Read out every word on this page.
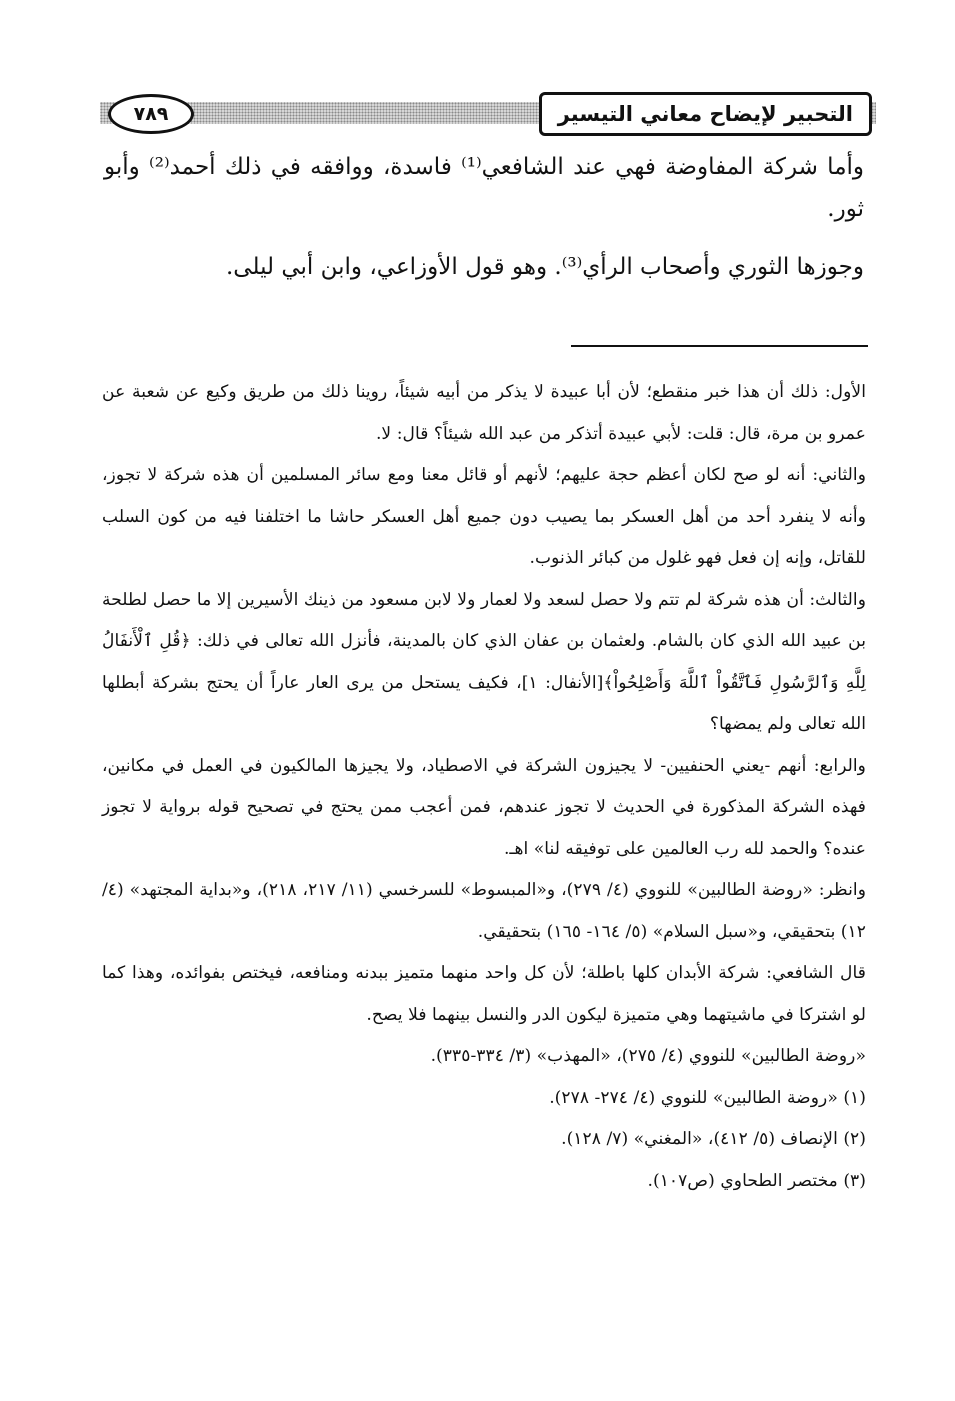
التحبير لإيضاح معاني التيسير
٧٨٩

وأما شركة المفاوضة فهي عند الشافعي⁽¹⁾ فاسدة، ووافقه في ذلك أحمد⁽²⁾ وأبو ثور.

وجوزها الثوري وأصحاب الرأي⁽³⁾. وهو قول الأوزاعي، وابن أبي ليلى.

الأول: ذلك أن هذا خبر منقطع؛ لأن أبا عبيدة لا يذكر من أبيه شيئاً، روينا ذلك من طريق وكيع عن شعبة عن عمرو بن مرة، قال: قلت: لأبي عبيدة أتذكر من عبد الله شيئاً؟ قال: لا.

والثاني: أنه لو صح لكان أعظم حجة عليهم؛ لأنهم أو قائل معنا ومع سائر المسلمين أن هذه شركة لا تجوز، وأنه لا ينفرد أحد من أهل العسكر بما يصيب دون جميع أهل العسكر حاشا ما اختلفنا فيه من كون السلب للقاتل، وإنه إن فعل فهو غلول من كبائر الذنوب.

والثالث: أن هذه شركة لم تتم ولا حصل لسعد ولا لعمار ولا لابن مسعود من ذينك الأسيرين إلا ما حصل لطلحة بن عبيد الله الذي كان بالشام. ولعثمان بن عفان الذي كان بالمدينة، فأنزل الله تعالى في ذلك: ﴿قُلِ ٱلْأَنفَالُ لِلَّهِ وَٱلرَّسُولِ فَٱتَّقُواْ ٱللَّهَ وَأَصْلِحُواْ﴾[الأنفال: ١]، فكيف يستحل من يرى العار عاراً أن يحتج بشركة أبطلها الله تعالى ولم يمضها؟

والرابع: أنهم -يعني الحنفيين- لا يجيزون الشركة في الاصطياد، ولا يجيزها المالكيون في العمل في مكانين، فهذه الشركة المذكورة في الحديث لا تجوز عندهم، فمن أعجب ممن يحتج في تصحيح قوله برواية لا تجوز عنده؟ والحمد لله رب العالمين على توفيقه لنا» اهـ.

وانظر: «روضة الطالبين» للنووي (٤/ ٢٧٩)، و«المبسوط» للسرخسي (١١/ ٢١٧، ٢١٨)، و«بداية المجتهد» (٤/ ١٢) بتحقيقي، و«سبل السلام» (٥/ ١٦٤- ١٦٥) بتحقيقي.

قال الشافعي: شركة الأبدان كلها باطلة؛ لأن كل واحد منهما متميز ببدنه ومنافعه، فيختص بفوائده، وهذا كما لو اشتركا في ماشيتهما وهي متميزة ليكون الدر والنسل بينهما فلا يصح.

«روضة الطالبين» للنووي (٤/ ٢٧٥)، «المهذب» (٣/ ٣٣٤-٣٣٥).

(١) «روضة الطالبين» للنووي (٤/ ٢٧٤- ٢٧٨).

(٢) الإنصاف (٥/ ٤١٢)، «المغني» (٧/ ١٢٨).

(٣) مختصر الطحاوي (ص١٠٧).
